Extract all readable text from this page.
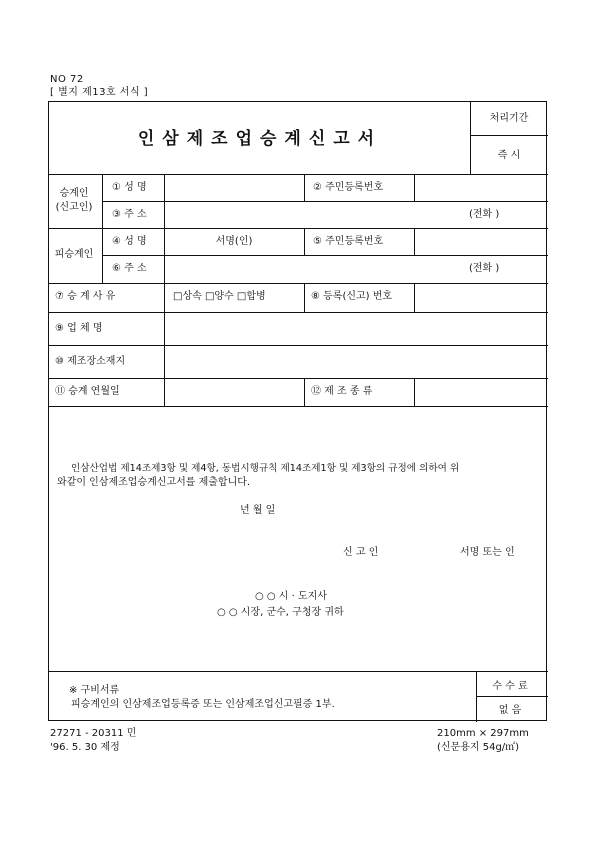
NO 72
[ 별지 제13호 서식 ]
인삼제조업승계신고서
처리기간
즉 시
승계인
(신고인)
① 성 명	② 주민등록번호
③ 주 소	(전화 )
피승계인
④ 성 명	서명(인)	⑤ 주민등록번호
⑥ 주 소	(전화 )
⑦ 승 계 사 유	□상속 □양수 □합병	⑧ 등록(신고) 번호
⑨ 업 체 명
⑩ 제조장소재지
⑪ 승계 연월일	⑫ 제 조 종 류
인삼산업법 제14조제3항 및 제4항, 동법시행규칙 제14조제1항 및 제3항의 규정에 의하여 위
와같이 인삼제조업승계신고서를 제출합니다.
년 월 일
신 고 인	서명 또는 인
○ ○ 시 · 도지사
○ ○ 시장, 군수, 구청장 귀하
※ 구비서류
피승계인의 인삼제조업등록증 또는 인삼제조업신고필증 1부.
수 수 료
없 음
27271 - 20311 민
'96. 5. 30 제정
210mm × 297mm
(신문용지 54g/㎡)
